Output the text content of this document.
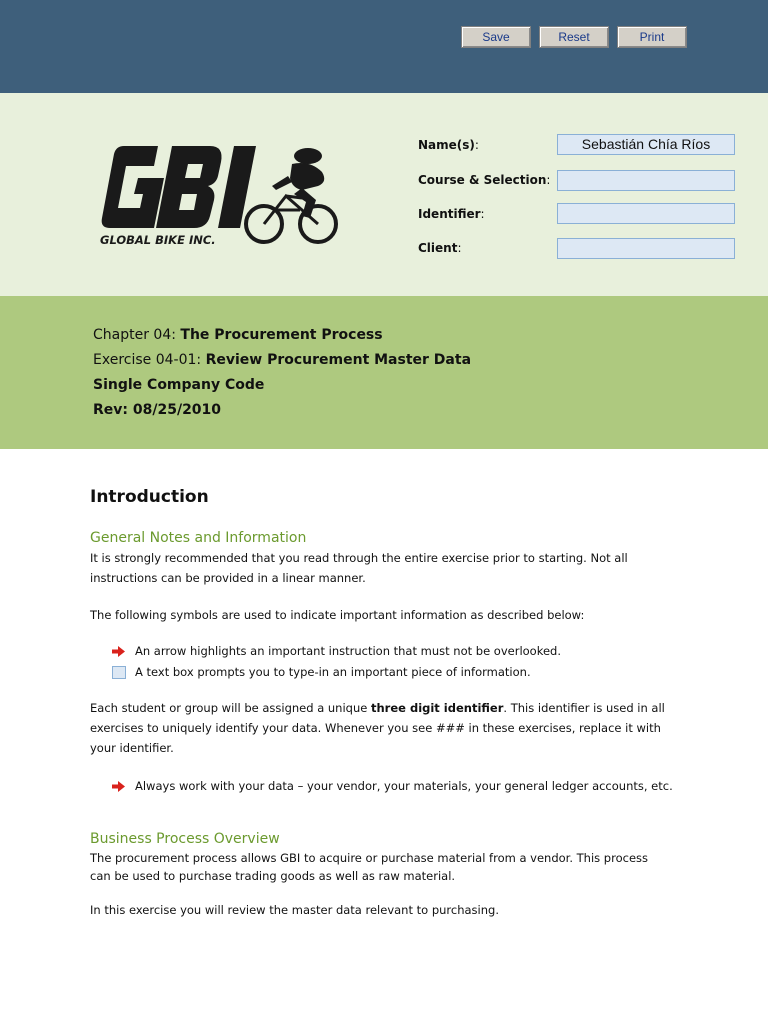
Save	Reset	Print
GLOBAL BIKE INC.
Name(s):	Sebastián Chía Ríos
Course & Selection:
Identifier:
Client:
Chapter 04: The Procurement Process
Exercise 04-01: Review Procurement Master Data
Single Company Code
Rev: 08/25/2010
Introduction
General Notes and Information
It is strongly recommended that you read through the entire exercise prior to starting. Not all instructions can be provided in a linear manner.
The following symbols are used to indicate important information as described below:
An arrow highlights an important instruction that must not be overlooked.
A text box prompts you to type-in an important piece of information.
Each student or group will be assigned a unique three digit identifier. This identifier is used in all exercises to uniquely identify your data. Whenever you see ### in these exercises, replace it with your identifier.
Always work with your data – your vendor, your materials, your general ledger accounts, etc.
Business Process Overview
The procurement process allows GBI to acquire or purchase material from a vendor. This process can be used to purchase trading goods as well as raw material.
In this exercise you will review the master data relevant to purchasing.
